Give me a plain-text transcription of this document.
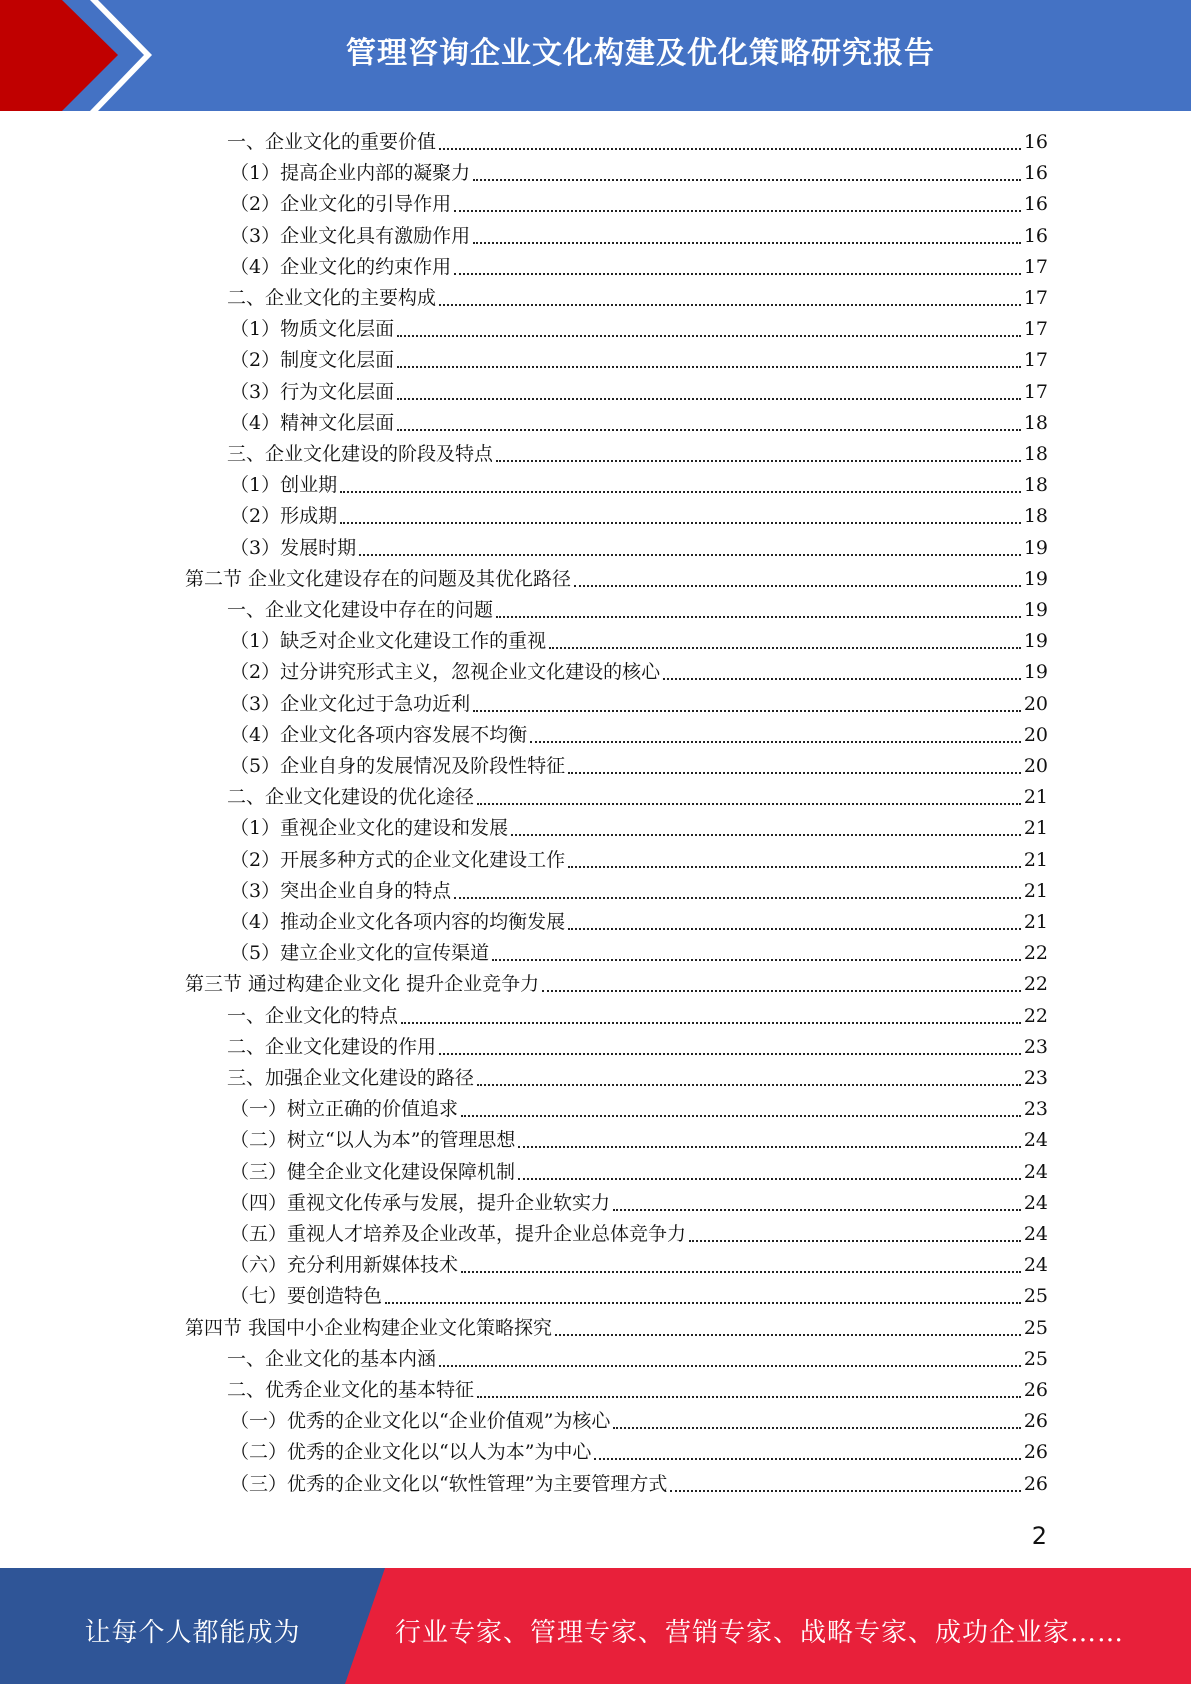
管理咨询企业文化构建及优化策略研究报告
一、企业文化的重要价值	16
（1）提高企业内部的凝聚力	16
（2）企业文化的引导作用	16
（3）企业文化具有激励作用	16
（4）企业文化的约束作用	17
二、企业文化的主要构成	17
（1）物质文化层面	17
（2）制度文化层面	17
（3）行为文化层面	17
（4）精神文化层面	18
三、企业文化建设的阶段及特点	18
（1）创业期	18
（2）形成期	18
（3）发展时期	19
第二节 企业文化建设存在的问题及其优化路径	19
一、企业文化建设中存在的问题	19
（1）缺乏对企业文化建设工作的重视	19
（2）过分讲究形式主义，忽视企业文化建设的核心	19
（3）企业文化过于急功近利	20
（4）企业文化各项内容发展不均衡	20
（5）企业自身的发展情况及阶段性特征	20
二、企业文化建设的优化途径	21
（1）重视企业文化的建设和发展	21
（2）开展多种方式的企业文化建设工作	21
（3）突出企业自身的特点	21
（4）推动企业文化各项内容的均衡发展	21
（5）建立企业文化的宣传渠道	22
第三节 通过构建企业文化 提升企业竞争力	22
一、企业文化的特点	22
二、企业文化建设的作用	23
三、加强企业文化建设的路径	23
（一）树立正确的价值追求	23
（二）树立“以人为本”的管理思想	24
（三）健全企业文化建设保障机制	24
（四）重视文化传承与发展，提升企业软实力	24
（五）重视人才培养及企业改革，提升企业总体竞争力	24
（六）充分利用新媒体技术	24
（七）要创造特色	25
第四节 我国中小企业构建企业文化策略探究	25
一、企业文化的基本内涵	25
二、优秀企业文化的基本特征	26
（一）优秀的企业文化以“企业价值观”为核心	26
（二）优秀的企业文化以“以人为本”为中心	26
（三）优秀的企业文化以“软性管理”为主要管理方式	26
2
让每个人都能成为	行业专家、管理专家、营销专家、战略专家、成功企业家……
